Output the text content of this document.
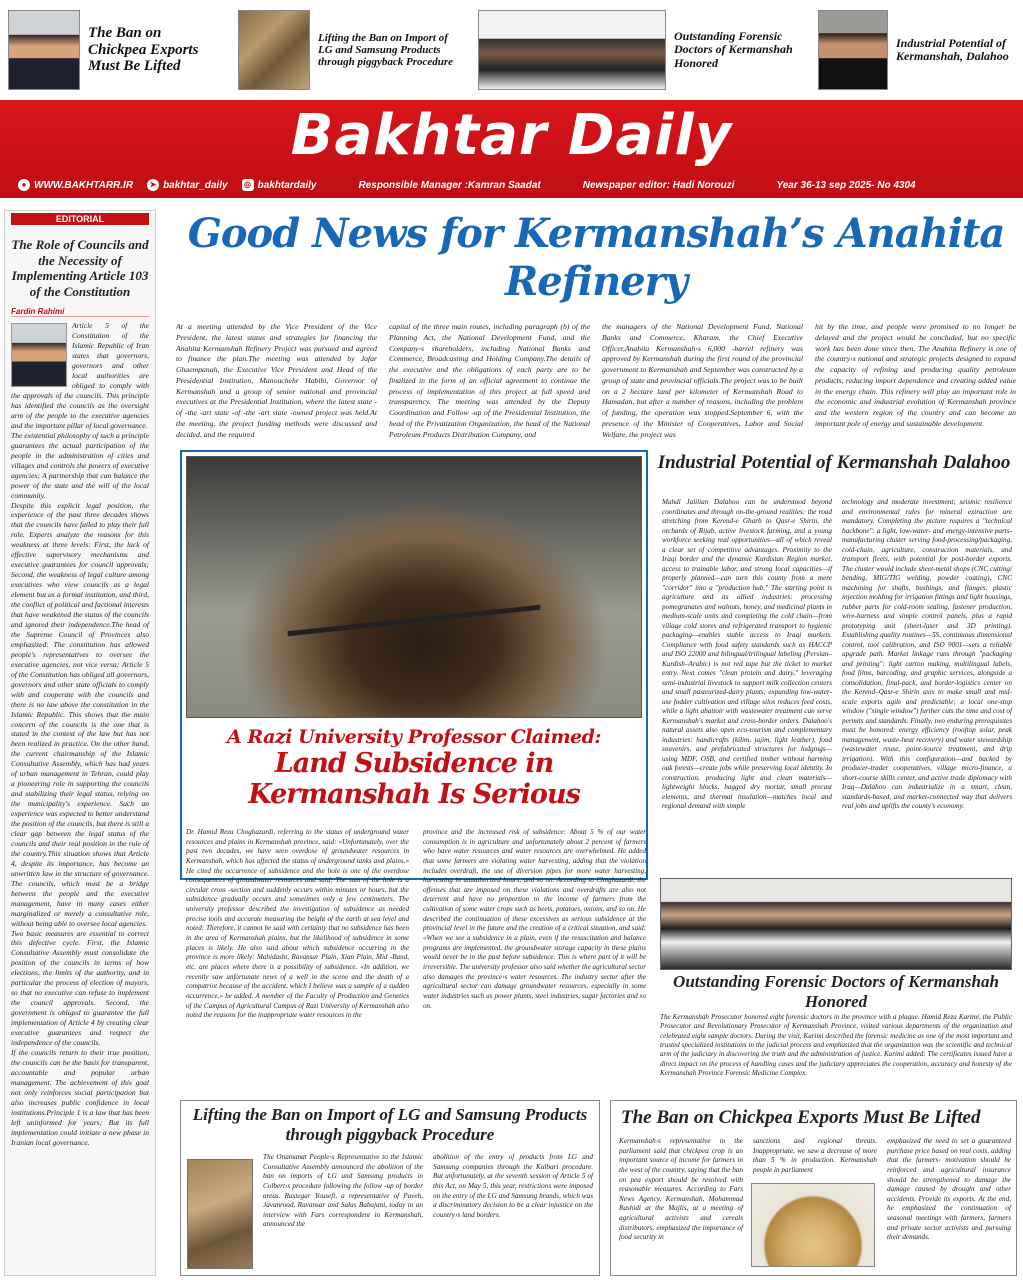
The Ban on Chickpea Exports Must Be Lifted
Lifting the Ban on Import of LG and Samsung Products through piggyback Procedure
Outstanding Forensic Doctors of Kermanshah Honored
Industrial Potential of Kermanshah, Dalahoo
Bakhtar Daily
● WWW.BAKHTARR.IR	➤ bakhtar_daily	◎ bakhtardaily	Responsible Manager :Kamran Saadat	Newspaper editor: Hadi Norouzi	Year 36-13 sep 2025- No 4304
EDITORIAL
The Role of Councils and the Necessity of Implementing Article 103 of the Constitution
Fardin Rahimi

Article 5 of the Constitution of the Islamic Republic of Iran states that governors, governors and other local authorities are obliged to comply with the approvals of the councils. This principle has identified the councils as the oversight arm of the people to the executive agencies and the important pillar of local governance.

The existential philosophy of such a principle guarantees the actual participation of the people in the administration of cities and villages and controls the powers of executive agencies; A partnership that can balance the power of the state and the will of the local community.

Despite this explicit legal position, the experience of the past three decades shows that the councils have failed to play their full role. Experts analyze the reasons for this weakness at three levels: First, the lack of effective supervisory mechanisms and executive guarantees for council approvals; Second, the weakness of legal culture among executives who view councils as a legal element but as a formal institution, and third, the conflict of political and factional interests that have weakened the status of the councils and ignored their independence.The head of the Supreme Council of Provinces also emphasized: The constitution has allowed people's representatives to oversee the executive agencies, not vice versa; Article 5 of the Constitution has obliged all governors, governors and other state officials to comply with and cooperate with the councils and there is no law above the constitution in the Islamic Republic. This shows that the main concern of the councils is the one that is stated in the context of the law but has not been realized in practice. On the other hand, the current chairmanship of the Islamic Consultative Assembly, which has had years of urban management in Tehran, could play a pioneering role in supporting the councils and stabilizing their legal status, relying on the municipality's experience. Such an experience was expected to better understand the position of the councils, but there is still a clear gap between the legal status of the councils and their real position in the rule of the country.This situation shows that Article 4, despite its importance, has become an unwritten law in the structure of governance. The councils, which must be a bridge between the people and the executive management, have in many cases either marginalized or merely a consultative role, without being able to oversee local agencies.

Two basic measures are essential to correct this defective cycle. First, the Islamic Consultative Assembly must consolidate the position of the councils in terms of how elections, the limits of the authority, and in particular the process of election of mayors, so that no executive can refuse to implement the council approvals. Second, the government is obliged to guarantee the full implementation of Article 4 by creating clear executive guarantees and respect the independence of the councils.

If the councils return to their true position, the councils can be the basis for transparent, accountable and popular urban management. The achievement of this goal not only reinforces social participation but also increases public confidence in local institutions.Principle 1 is a law that has been left uninformed for years; But its full implementation could initiate a new phase in Iranian local governance.

Good News for Kermanshah’s Anahita Refinery

At a meeting attended by the Vice President of the Vice President, the latest status and strategies for financing the Anahita Kermanshah Refinery Project was pursued and agreed to finance the plan.The meeting was attended by Jafar Ghaempanah, the Executive Vice President and Head of the Presidential Institution, Manouchehr Habibi, Governor of Kermanshah and a group of senior national and provincial executives at the Presidential Institution, where the latest state -of -the -art state -of -the -art state -owned project was held.At the meeting, the project funding methods were discussed and decided, and the required

capital of the three main routes, including paragraph (b) of the Planning Act, the National Development Fund, and the Company›s shareholders, including National Banks and Commerce, Broadcasting and Holding Company.The details of the executive and the obligations of each party are to be finalized in the form of an official agreement to continue the process of implementation of this project at full speed and transparency. The meeting was attended by the Deputy Coordination and Follow -up of the Presidential Institution, the head of the Privatization Organization, the head of the National Petroleum Products Distribution Company, and

the managers of the National Development Fund, National Banks and Commerce, Kharam, the Chief Executive Officer,Anahita Kermanshah›s 6,000 -barrel refinery was approved by Kermanshah during the first round of the provincial government to Kermanshah and September was constructed by a group of state and provincial officials.The project was to be built on a 2 hectare land per kilometer of Kermanshah Road to Hamadan, but after a number of reasons, including the problem of funding, the operation was stopped.September 6, with the presence of the Minister of Cooperatives, Labor and Social Welfare, the project was

hit by the time, and people were promised to no longer be delayed and the project would be concluded, but no specific work has been done since then. The Anahita Refinery is one of the country›s national and strategic projects designed to expand the capacity of refining and producing quality petroleum products, reducing import dependence and creating added value in the energy chain. This refinery will play an important role in the economic and industrial evolution of Kermanshah province and the western region of the country and can become an important pole of energy and sustainable development.

A Razi University Professor Claimed:
Land Subsidence in Kermanshah Is Serious

Dr. Hamid Reza Choghazardi, referring to the status of underground water resources and plains in Kermanshah province, said: «Unfortunately, over the past two decades, we have seen overdose of groundwater resources in Kermanshah, which has affected the status of underground tanks and plains.» He cited the occurrence of subsidence and the hole is one of the overdose consequences of groundwater resources and said: The sum of the hole is a circular cross -section and suddenly occurs within minutes or hours, but the subsidence gradually occurs and sometimes only a few centimeters. The university professor described the investigation of subsidence as needed precise tools and accurate measuring the height of the earth at sea level and noted: Therefore, it cannot be said with certainty that no subsidence has been in the area of Kermanshah plains, but the likelihood of subsidence in some places is likely. He also said about which subsidence occurring in the province is more likely: Mahidasht, Ravansar Plain, Xian Plain, Mid -Band, etc. are places where there is a possibility of subsidence. «In addition, we recently saw unfortunate news of a well in the scene and the death of a compatriot because of the accident, which I believe was a sample of a sudden occurrence,» he added. A member of the Faculty of Production and Genetics of the Campus of Agricultural Campus of Razi University of Kermanshah also noted the reasons for the inappropriate water resources in the

province and the increased risk of subsidence: About 5 % of our water consumption is in agriculture and unfortunately about 2 percent of farmers who have water resources and water resources are overwhelmed. He added that some farmers are violating water harvesting, adding that the violation includes overdraft, the use of diversion pipes for more water harvesting, harvesting in unauthorized hours, and so on. According to Choghazardi, the offenses that are imposed on these violations and overdrafts are also not deterrent and have no proportion to the income of farmers from the cultivation of some water crops such as beets, potatoes, onions, and so on. He described the continuation of these excessives as serious subsidence at the provincial level in the future and the creation of a critical situation, and said: «When we see a subsidence in a plain, even if the resuscitation and balance programs are implemented, the groundwater storage capacity in these plains would never be in the past before subsidence. This is where part of it will be irreversible. The university professor also said whether the agricultural sector also damages the province›s water resources. The industry sector after the agricultural sector can damage groundwater resources, especially in some water industries such as power plants, steel industries, sugar factories and so on.

Industrial Potential of Kermanshah Dalahoo

Mahdi Jalilian Dalahoo can be understood beyond coordinates and through on-the-ground realities: the road stretching from Kerend-e Gharb to Qasr-e Shirin, the orchards of Rijab, active livestock farming, and a young workforce seeking real opportunities—all of which reveal a clear set of competitive advantages. Proximity to the Iraqi border and the dynamic Kurdistan Region market, access to trainable labor, and strong local capacities—if properly planned—can turn this county from a mere "corridor" into a "production hub." The starting point is agriculture and its allied industries: processing pomegranates and walnuts, honey, and medicinal plants in medium-scale units and completing the cold chain—from village cold stores and refrigerated transport to hygienic packaging—enables stable access to Iraqi markets. Compliance with food safety standards such as HACCP and ISO 22000 and bilingual/trilingual labeling (Persian–Kurdish–Arabic) is not red tape but the ticket to market entry. Next comes "clean protein and dairy," leveraging semi-industrial livestock to support milk collection centers and small pasteurized-dairy plants; expanding low-water-use fodder cultivation and village silos reduces feed costs, while a light abattoir with wastewater treatment can serve Kermanshah's market and cross-border orders. Dalahoo's natural assets also open eco-tourism and complementary industries: handicrafts (kilim, jajim, light leather), food souvenirs, and prefabricated structures for lodgings—using MDF, OSB, and certified timber without harming oak forests—create jobs while preserving local identity. In construction, producing light and clean materials—lightweight blocks, bagged dry mortar, small precast elements, and thermal insulation—matches local and regional demand with simple

technology and moderate investment; seismic resilience and environmental rules for mineral extraction are mandatory. Completing the picture requires a "technical backbone": a light, low-water- and energy-intensive parts-manufacturing cluster serving food-processing/packaging, cold-chain, agriculture, construction materials, and transport fleets, with potential for post-border exports. The cluster would include sheet-metal shops (CNC cutting/ bending, MIG/TIG welding, powder coating), CNC machining for shafts, bushings, and flanges, plastic injection molding for irrigation fittings and light housings, rubber parts for cold-room sealing, fastener production, wire-harness and simple control panels, plus a rapid prototyping unit (sheet-laser and 3D printing). Establishing quality routines—5S, continuous dimensional control, tool calibration, and ISO 9001—sets a reliable upgrade path. Market linkage runs through "packaging and printing": light carton making, multilingual labels, food films, barcoding, and graphic services, alongside a consolidation, final-pack, and border-logistics center on the Kerend–Qasr-e Shirin axis to make small and mid-scale exports agile and predictable; a local one-stop window ("single window") further cuts the time and cost of permits and standards. Finally, two enduring prerequisites must be honored: energy efficiency (rooftop solar, peak management, waste-heat recovery) and water stewardship (wastewater reuse, point-source treatment, and drip irrigation). With this configuration—and backed by producer-trader cooperatives, village micro-finance, a short-course skills center, and active trade diplomacy with Iraq—Dalahoo can industrialize in a smart, clean, standards-based, and market-connected way that delivers real jobs and uplifts the county's economy.

Outstanding Forensic Doctors of Kermanshah Honored
The Kermanshah Prosecutor honored eight forensic doctors in the province with a plaque. Hamid Reza Karimi, the Public Prosecutor and Revolutionary Prosecutor of Kermanshah Province, visited various departments of the organization and celebrated eight sample doctors. During the visit, Karimi described the forensic medicine as one of the most important and trusted specialized institutions in the judicial process and emphasized that the organization was the scientific and technical arm of the judiciary in discovering the truth and the administration of justice. Karimi added: The certificates issued have a direct impact on the process of handling cases and the judiciary appreciates the cooperation, accuracy and honesty of the Kermanshah Province Forensic Medicine Complex.
Lifting the Ban on Import of LG and Samsung Products through piggyback Procedure

The Onamanat People›s Representative to the Islamic Consultative Assembly announced the abolition of the ban on imports of LG and Samsung products in Colbert›s procedure following the follow -up of border areas. Rastegar Yousefi, a representative of Paveh, Javanrood, Ravansar and Salas Babajani, today in an interview with Fars correspondent in Kermanshah, announced the

abolition of the entry of products from LG and Samsung companies through the Kulbari procedure. But unfortunately, at the seventh session of Article 5 of this Act, on May 5, this year, restrictions were imposed on the entry of the LG and Samsung brands, which was a discriminatory decision to be a clear injustice on the country›s land borders.

The Ban on Chickpea Exports Must Be Lifted

Kermanshah›s representative in the parliament said that chickpea crop is an important source of income for farmers in the west of the country, saying that the ban on pea export should be resolved with reasonable measures. According to Fars News Agency, Kermanshah, Mohammad Rashidi at the Majlis, at a meeting of agricultural activists and cereals distributors, emphasized the importance of food security in

sanctions and regional threats. Inappropriate, we saw a decrease of more than 5 % in production. Kermanshah people in parliament

emphasized the need to set a guaranteed purchase price based on real costs, adding that the farmers› motivation should be reinforced and agricultural insurance should be strengthened to damage the damage caused by drought and other accidents. Provide its exports. At the end, he emphasized the continuation of seasonal meetings with farmers, farmers and private sector activists and pursuing their demands.
